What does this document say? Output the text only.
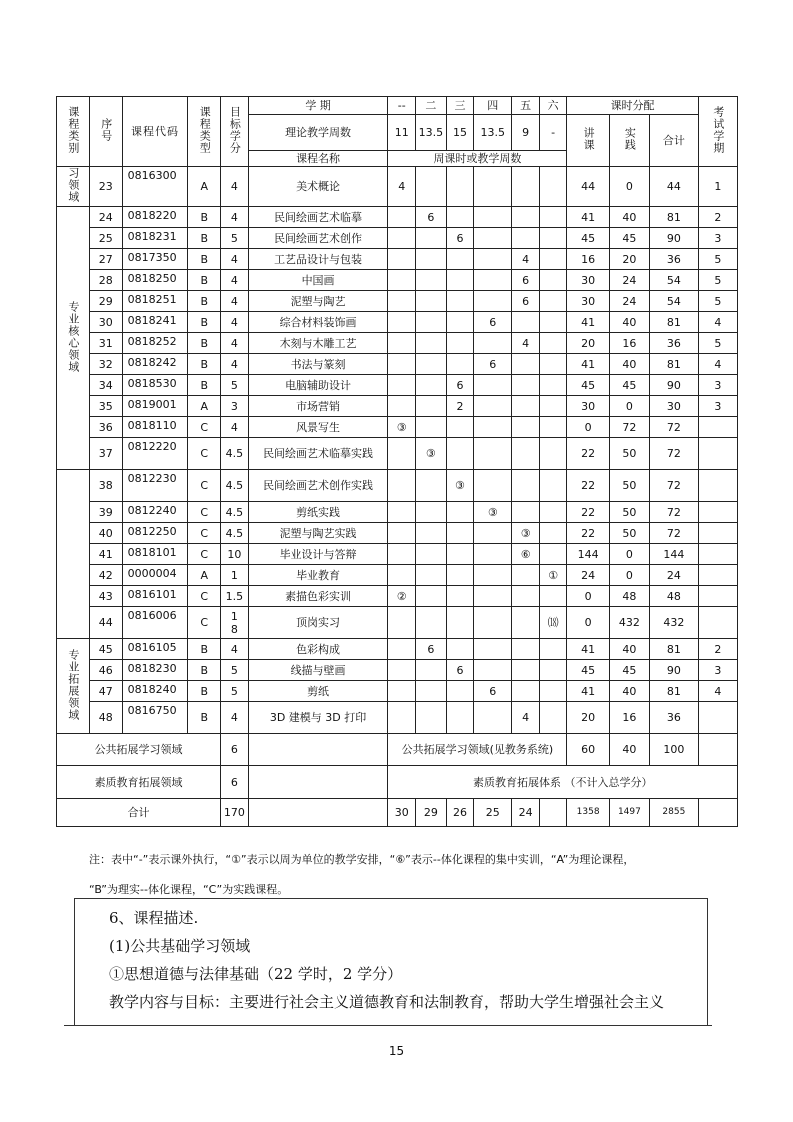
课程类别	序号	课程代码	课程类型	目标学分	学 期	--	二	三	四	五	六	课时分配			考试学期
					理论教学周数	11	13.5	15	13.5	9	-	讲课	实践	合计	
					课程名称	周课时或教学周数									
习领域	23	0816300	A	4	美术概论	4						44	0	44	1
专业核心领域	24	0818220	B	4	民间绘画艺术临摹		6					41	40	81	2
	25	0818231	B	5	民间绘画艺术创作			6				45	45	90	3
	27	0817350	B	4	工艺品设计与包装					4		16	20	36	5
	28	0818250	B	4	中国画					6		30	24	54	5
	29	0818251	B	4	泥塑与陶艺					6		30	24	54	5
	30	0818241	B	4	综合材料装饰画				6			41	40	81	4
	31	0818252	B	4	木刻与木雕工艺					4		20	16	36	5
	32	0818242	B	4	书法与篆刻				6			41	40	81	4
	34	0818530	B	5	电脑辅助设计			6				45	45	90	3
	35	0819001	A	3	市场营销			2				30	0	30	3
	36	0818110	C	4	风景写生	③						0	72	72	
	37	0812220	C	4.5	民间绘画艺术临摹实践		③					22	50	72	
	38	0812230	C	4.5	民间绘画艺术创作实践			③				22	50	72	
	39	0812240	C	4.5	剪纸实践				③			22	50	72	
	40	0812250	C	4.5	泥塑与陶艺实践					③		22	50	72	
	41	0818101	C	10	毕业设计与答辩					⑥		144	0	144	
	42	0000004	A	1	毕业教育						①	24	0	24	
	43	0816101	C	1.5	素描色彩实训	②						0	48	48	
	44	0816006	C	18	顶岗实习						⒅	0	432	432	
专业拓展领域	45	0816105	B	4	色彩构成		6					41	40	81	2
	46	0818230	B	5	线描与壁画			6				45	45	90	3
	47	0818240	B	5	剪纸				6			41	40	81	4
	48	0816750	B	4	3D 建模与 3D 打印					4		20	16	36	
公共拓展学习领域				6		公共拓展学习领域(见教务系统)						60	40	100	
素质教育拓展领域				6		素质教育拓展体系 （不计入总学分）									
合计				170		30	29	26	25	24		1358	1497	2855	
注：表中“-”表示课外执行，“①”表示以周为单位的教学安排，“⑥”表示--体化课程的集中实训，“A”为理论课程，
“B”为理实--体化课程，“C”为实践课程。

6、课程描述.

(1)公共基础学习领域

①思想道德与法律基础（22 学时，2 学分）

教学内容与目标：主要进行社会主义道德教育和法制教育，帮助大学生增强社会主义

15
